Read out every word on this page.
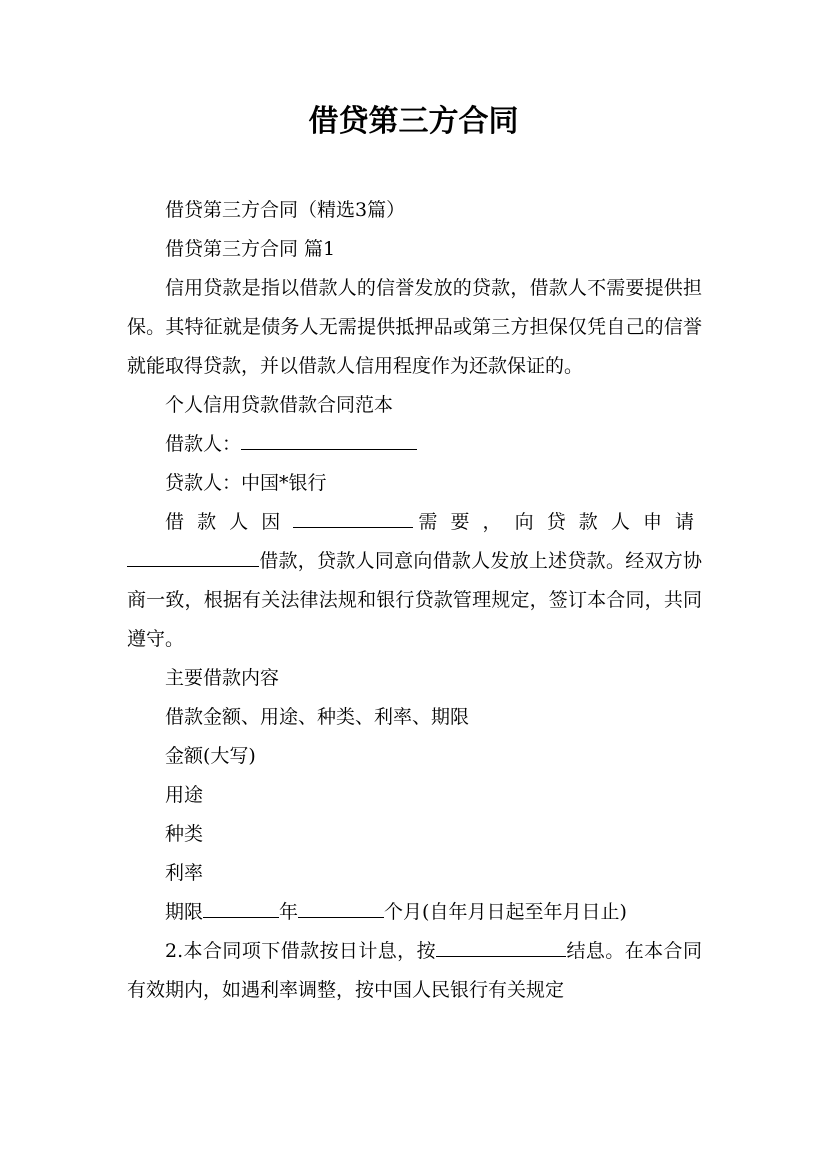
借贷第三方合同

借贷第三方合同（精选3篇）

借贷第三方合同 篇1

信用贷款是指以借款人的信誉发放的贷款，借款人不需要提供担保。其特征就是债务人无需提供抵押品或第三方担保仅凭自己的信誉就能取得贷款，并以借款人信用程度作为还款保证的。

个人信用贷款借款合同范本

借款人：

贷款人：中国*银行

借款人因	需要，向贷款人申请借款，贷款人同意向借款人发放上述贷款。经双方协商一致，根据有关法律法规和银行贷款管理规定，签订本合同，共同遵守。

主要借款内容

借款金额、用途、种类、利率、期限

金额(大写)

用途

种类

利率

期限	年	个月(自年月日起至年月日止)

2.本合同项下借款按日计息，按	结息。在本合同有效期内，如遇利率调整，按中国人民银行有关规定
